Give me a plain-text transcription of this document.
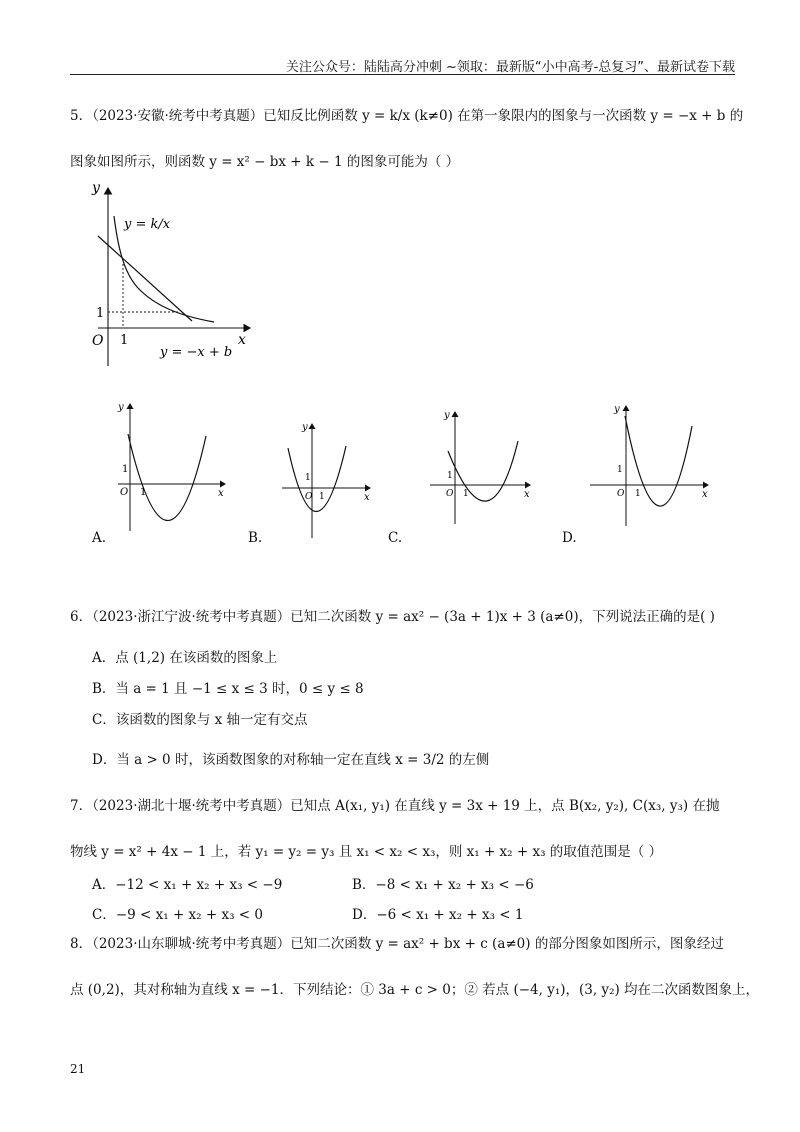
关注公众号：陆陆高分冲刺 ~领取：最新版“小中高考-总复习”、最新试卷下载
5．（2023·安徽·统考中考真题）已知反比例函数 y = k/x (k≠0) 在第一象限内的图象与一次函数 y = −x + b 的
图象如图所示，则函数 y = x² − bx + k − 1 的图象可能为（ ）
y
x
O 1
1
y = k/x
y = −x + b
y
x
O 1
1
y
x
O 1
1
y
x
O 1
1
y
x
O 1
1
A.	B.	C.	D.
6．（2023·浙江宁波·统考中考真题）已知二次函数 y = ax² − (3a + 1)x + 3 (a≠0)，下列说法正确的是( )
A．点 (1,2) 在该函数的图象上
B．当 a = 1 且 −1 ≤ x ≤ 3 时，0 ≤ y ≤ 8
C．该函数的图象与 x 轴一定有交点
D．当 a > 0 时，该函数图象的对称轴一定在直线 x = 3/2 的左侧
7．（2023·湖北十堰·统考中考真题）已知点 A(x₁, y₁) 在直线 y = 3x + 19 上，点 B(x₂, y₂), C(x₃, y₃) 在抛
物线 y = x² + 4x − 1 上，若 y₁ = y₂ = y₃ 且 x₁ < x₂ < x₃，则 x₁ + x₂ + x₃ 的取值范围是（ ）
A．−12 < x₁ + x₂ + x₃ < −9	B．−8 < x₁ + x₂ + x₃ < −6
C．−9 < x₁ + x₂ + x₃ < 0	D．−6 < x₁ + x₂ + x₃ < 1
8．（2023·山东聊城·统考中考真题）已知二次函数 y = ax² + bx + c (a≠0) 的部分图象如图所示，图象经过
点 (0,2)，其对称轴为直线 x = −1．下列结论：① 3a + c > 0；② 若点 (−4, y₁)，(3, y₂) 均在二次函数图象上，
21
